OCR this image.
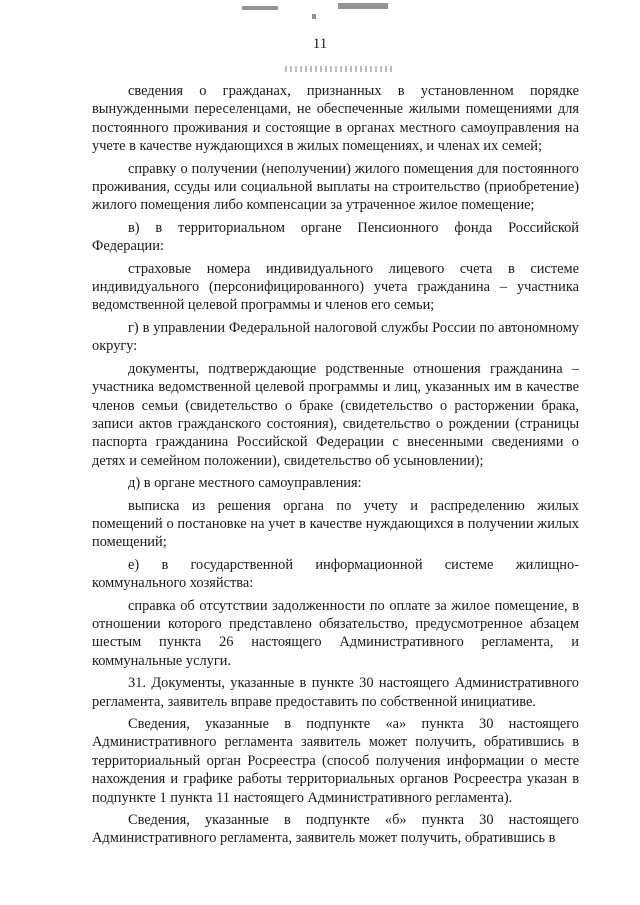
11

сведения о гражданах, признанных в установленном порядке вынужденными переселенцами, не обеспеченные жилыми помещениями для постоянного проживания и состоящие в органах местного самоуправления на учете в качестве нуждающихся в жилых помещениях, и членах их семей;

справку о получении (неполучении) жилого помещения для постоянного проживания, ссуды или социальной выплаты на строительство (приобретение) жилого помещения либо компенсации за утраченное жилое помещение;

в) в территориальном органе Пенсионного фонда Российской Федерации:

страховые номера индивидуального лицевого счета в системе индивидуального (персонифицированного) учета гражданина – участника ведомственной целевой программы и членов его семьи;

г) в управлении Федеральной налоговой службы России по автономному округу:

документы, подтверждающие родственные отношения гражданина – участника ведомственной целевой программы и лиц, указанных им в качестве членов семьи (свидетельство о браке (свидетельство о расторжении брака, записи актов гражданского состояния), свидетельство о рождении (страницы паспорта гражданина Российской Федерации с внесенными сведениями о детях и семейном положении), свидетельство об усыновлении);

д) в органе местного самоуправления:

выписка из решения органа по учету и распределению жилых помещений о постановке на учет в качестве нуждающихся в получении жилых помещений;

е) в государственной информационной системе жилищно-коммунального хозяйства:

справка об отсутствии задолженности по оплате за жилое помещение, в отношении которого представлено обязательство, предусмотренное абзацем шестым пункта 26 настоящего Административного регламента, и коммунальные услуги.

31. Документы, указанные в пункте 30 настоящего Административного регламента, заявитель вправе предоставить по собственной инициативе.

Сведения, указанные в подпункте «а» пункта 30 настоящего Административного регламента заявитель может получить, обратившись в территориальный орган Росреестра (способ получения информации о месте нахождения и графике работы территориальных органов Росреестра указан в подпункте 1 пункта 11 настоящего Административного регламента).

Сведения, указанные в подпункте «б» пункта 30 настоящего Административного регламента, заявитель может получить, обратившись в
